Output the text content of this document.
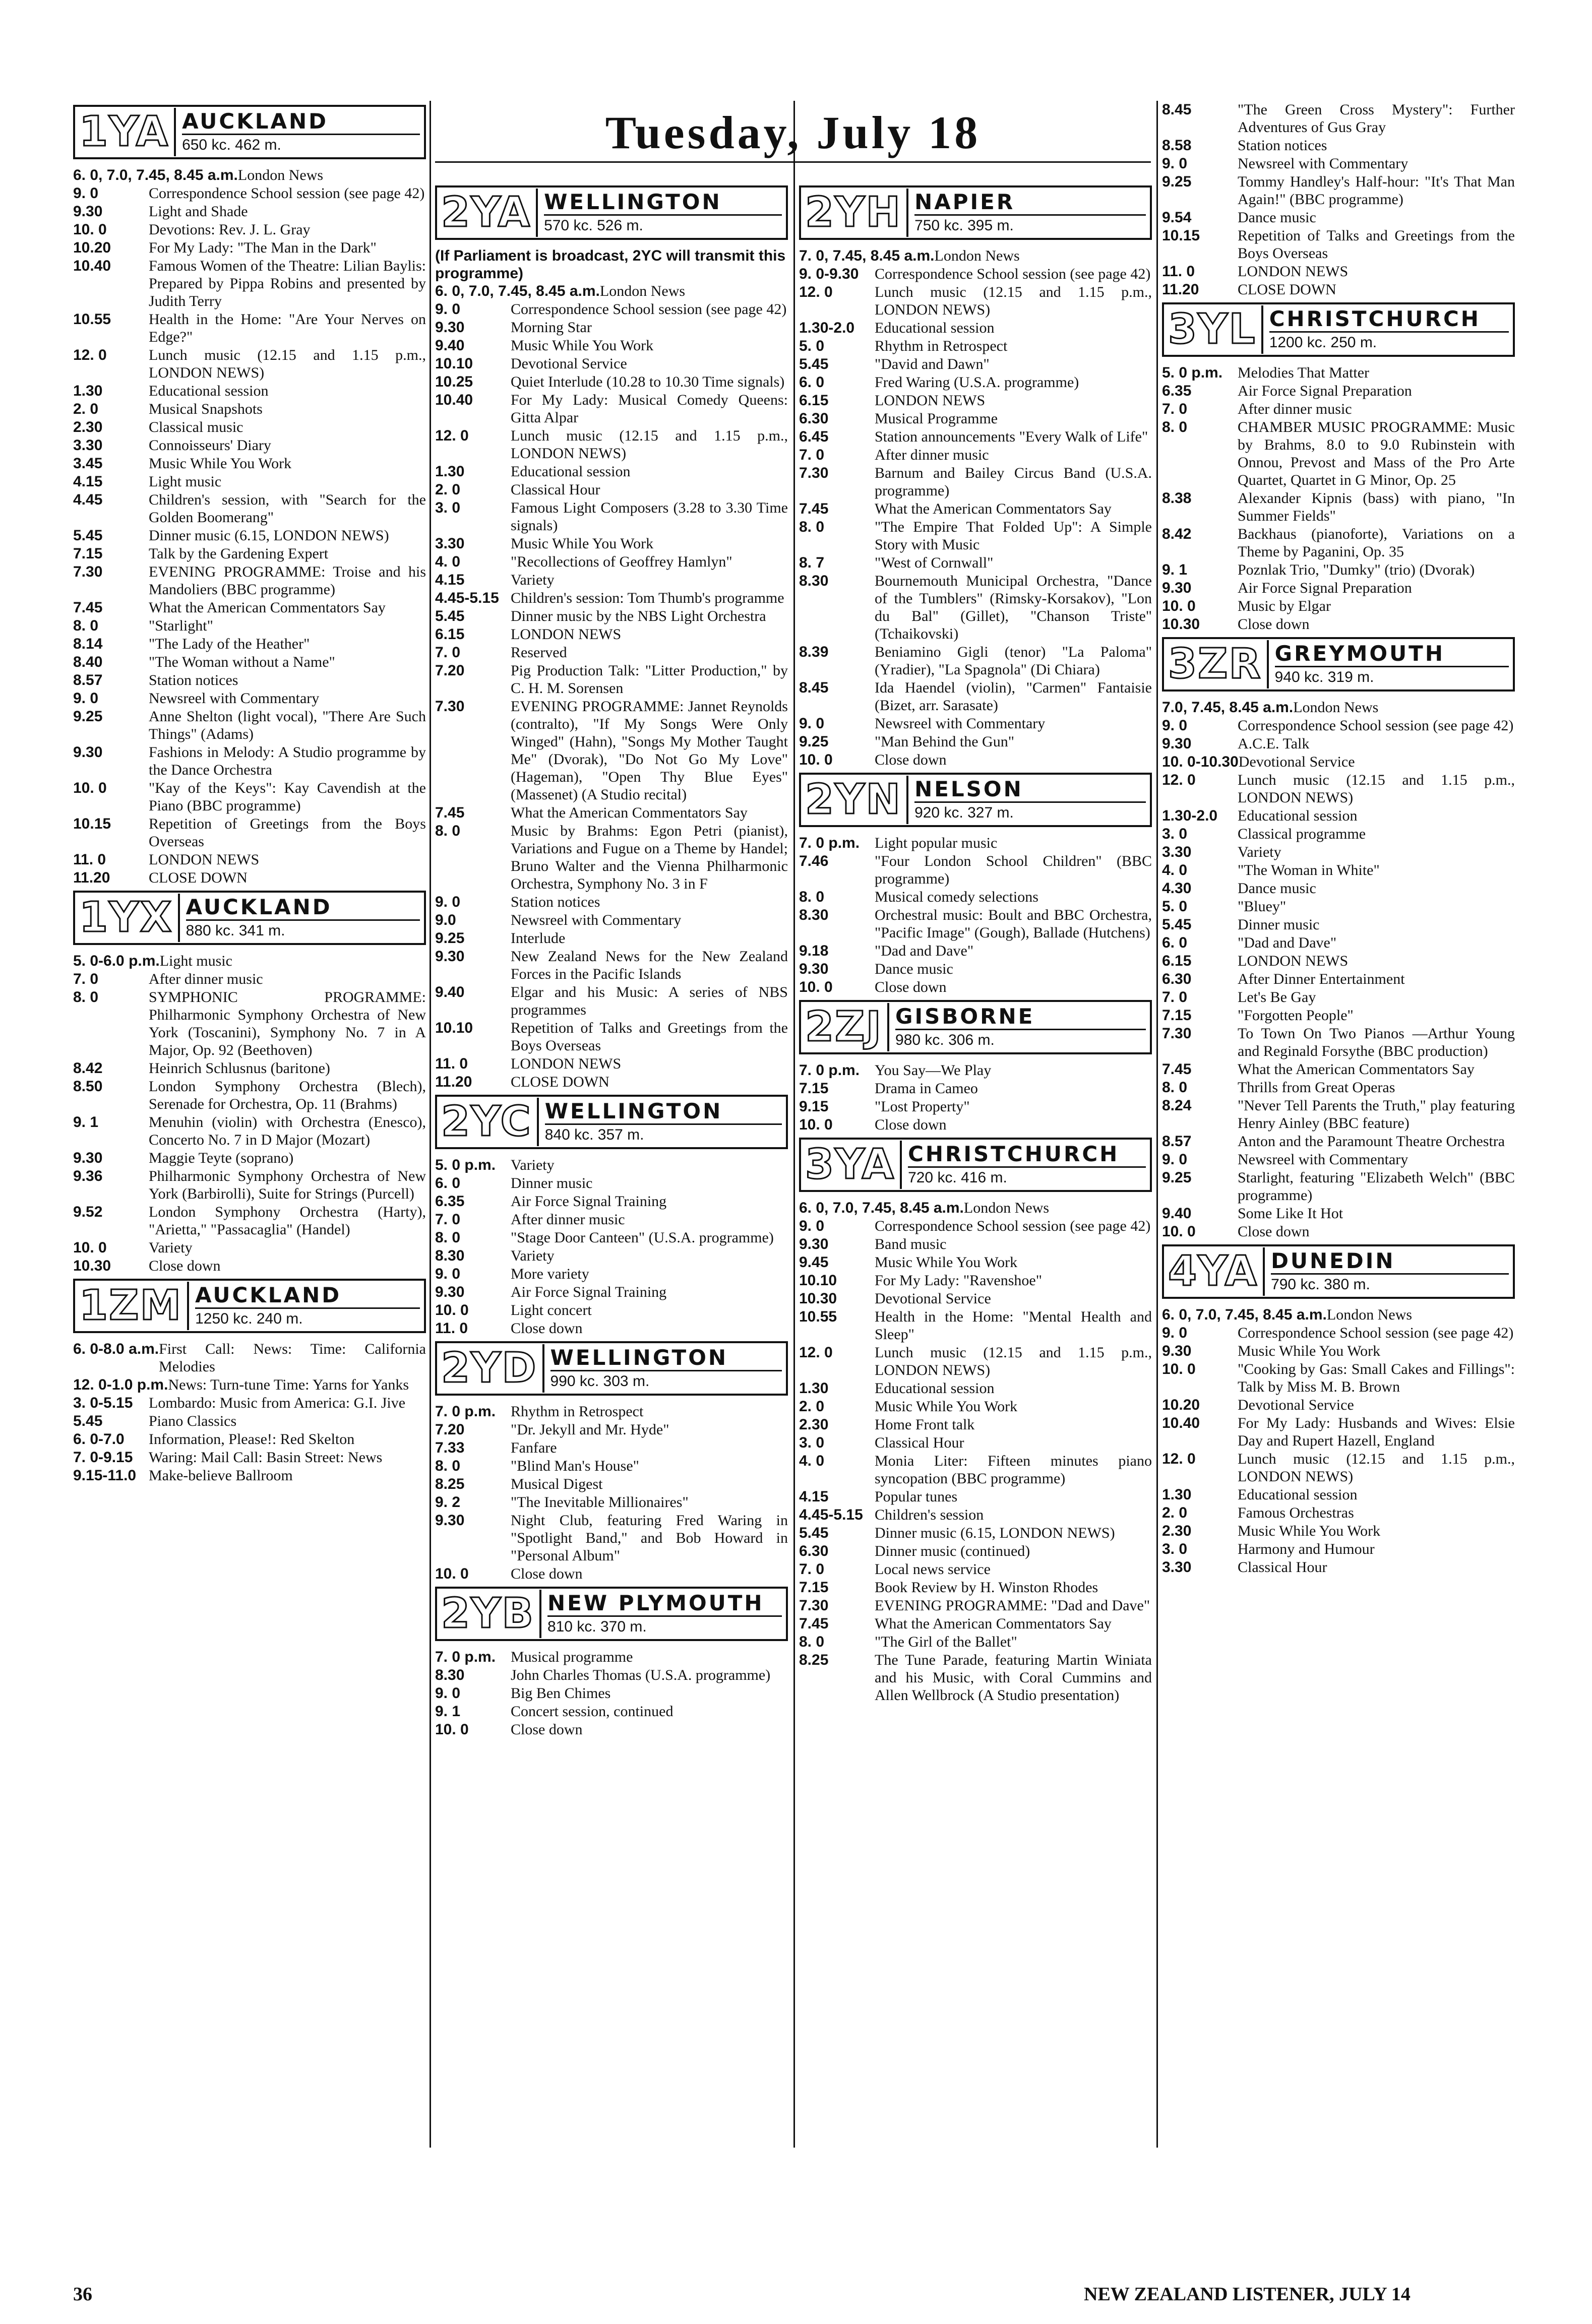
Tuesday, July 18
1YA AUCKLAND
650 kc. 462 m.
6. 0, 7.0, 7.45, 8.45 a.m. London News
9. 0	Correspondence School session (see page 42)
9.30	Light and Shade
10. 0	Devotions: Rev. J. L. Gray
10.20	For My Lady: "The Man in the Dark"
10.40	Famous Women of the Theatre: Lilian Baylis: Prepared by Pippa Robins and presented by Judith Terry
10.55	Health in the Home: "Are Your Nerves on Edge?"
12. 0	Lunch music (12.15 and 1.15 p.m., LONDON NEWS)
1.30	Educational session
2. 0	Musical Snapshots
2.30	Classical music
3.30	Connoisseurs' Diary
3.45	Music While You Work
4.15	Light music
4.45	Children's session, with "Search for the Golden Boomerang"
5.45	Dinner music (6.15, LONDON NEWS)
7.15	Talk by the Gardening Expert
7.30	EVENING PROGRAMME: Troise and his Mandoliers (BBC programme)
7.45	What the American Commentators Say
8. 0	"Starlight"
8.14	"The Lady of the Heather"
8.40	"The Woman without a Name"
8.57	Station notices
9. 0	Newsreel with Commentary
9.25	Anne Shelton (light vocal), "There Are Such Things" (Adams)
9.30	Fashions in Melody: A Studio programme by the Dance Orchestra
10. 0	"Kay of the Keys": Kay Cavendish at the Piano (BBC programme)
10.15	Repetition of Greetings from the Boys Overseas
11. 0	LONDON NEWS
11.20	CLOSE DOWN
1YX AUCKLAND
880 kc. 341 m.
5. 0-6.0 p.m. Light music
7. 0	After dinner music
8. 0	SYMPHONIC PROGRAMME: Philharmonic Symphony Orchestra of New York (Toscanini), Symphony No. 7 in A Major, Op. 92 (Beethoven)
8.42	Heinrich Schlusnus (baritone)
8.50	London Symphony Orchestra (Blech), Serenade for Orchestra, Op. 11 (Brahms)
9. 1	Menuhin (violin) with Orchestra (Enesco), Concerto No. 7 in D Major (Mozart)
9.30	Maggie Teyte (soprano)
9.36	Philharmonic Symphony Orchestra of New York (Barbirolli), Suite for Strings (Purcell)
9.52	London Symphony Orchestra (Harty), "Arietta," "Passacaglia" (Handel)
10. 0	Variety
10.30	Close down
1ZM AUCKLAND
1250 kc. 240 m.
6. 0-8.0 a.m. First Call: News: Time: California Melodies
12. 0-1.0 p.m. News: Turn-tune Time: Yarns for Yanks
3. 0-5.15	Lombardo: Music from America: G.I. Jive
5.45	Piano Classics
6. 0-7.0	Information, Please!: Red Skelton
7. 0-9.15	Waring: Mail Call: Basin Street: News
9.15-11.0 Make-believe Ballroom
2YA WELLINGTON
570 kc. 526 m.
(If Parliament is broadcast, 2YC will transmit this programme)
6. 0, 7.0, 7.45, 8.45 a.m. London News
9. 0	Correspondence School session (see page 42)
9.30	Morning Star
9.40	Music While You Work
10.10	Devotional Service
10.25	Quiet Interlude (10.28 to 10.30 Time signals)
10.40	For My Lady: Musical Comedy Queens: Gitta Alpar
12. 0	Lunch music (12.15 and 1.15 p.m., LONDON NEWS)
1.30	Educational session
2. 0	Classical Hour
3. 0	Famous Light Composers (3.28 to 3.30 Time signals)
3.30	Music While You Work
4. 0	"Recollections of Geoffrey Hamlyn"
4.15	Variety
4.45-5.15 Children's session: Tom Thumb's programme
5.45	Dinner music by the NBS Light Orchestra
6.15	LONDON NEWS
7. 0	Reserved
7.20	Pig Production Talk: "Litter Production," by C. H. M. Sorensen
7.30	EVENING PROGRAMME: Jannet Reynolds (contralto), "If My Songs Were Only Winged" (Hahn), "Songs My Mother Taught Me" (Dvorak), "Do Not Go My Love" (Hageman), "Open Thy Blue Eyes" (Massenet) (A Studio recital)
7.45	What the American Commentators Say
8. 0	Music by Brahms: Egon Petri (pianist), Variations and Fugue on a Theme by Handel; Bruno Walter and the Vienna Philharmonic Orchestra, Symphony No. 3 in F
9. 0	Station notices
9.0	Newsreel with Commentary
9.25	Interlude
9.30	New Zealand News for the New Zealand Forces in the Pacific Islands
9.40	Elgar and his Music: A series of NBS programmes
10.10	Repetition of Talks and Greetings from the Boys Overseas
11. 0	LONDON NEWS
11.20	CLOSE DOWN
2YC WELLINGTON
840 kc. 357 m.
5. 0 p.m. Variety
6. 0	Dinner music
6.35	Air Force Signal Training
7. 0	After dinner music
8. 0	"Stage Door Canteen" (U.S.A. programme)
8.30	Variety
9. 0	More variety
9.30	Air Force Signal Training
10. 0	Light concert
11. 0	Close down
2YD WELLINGTON
990 kc. 303 m.
7. 0 p.m. Rhythm in Retrospect
7.20	"Dr. Jekyll and Mr. Hyde"
7.33	Fanfare
8. 0	"Blind Man's House"
8.25	Musical Digest
9. 2	"The Inevitable Millionaires"
9.30	Night Club, featuring Fred Waring in "Spotlight Band," and Bob Howard in "Personal Album"
10. 0	Close down
2YB NEW PLYMOUTH
810 kc. 370 m.
7. 0 p.m. Musical programme
8.30	John Charles Thomas (U.S.A. programme)
9. 0	Big Ben Chimes
9. 1	Concert session, continued
10. 0	Close down
2YH NAPIER
750 kc. 395 m.
7. 0, 7.45, 8.45 a.m. London News
9. 0-9.30	Correspondence School session (see page 42)
12. 0	Lunch music (12.15 and 1.15 p.m., LONDON NEWS)
1.30-2.0	Educational session
5. 0	Rhythm in Retrospect
5.45	"David and Dawn"
6. 0	Fred Waring (U.S.A. programme)
6.15	LONDON NEWS
6.30	Musical Programme
6.45	Station announcements "Every Walk of Life"
7. 0	After dinner music
7.30	Barnum and Bailey Circus Band (U.S.A. programme)
7.45	What the American Commentators Say
8. 0	"The Empire That Folded Up": A Simple Story with Music
8. 7	"West of Cornwall"
8.30	Bournemouth Municipal Orchestra, "Dance of the Tumblers" (Rimsky-Korsakov), "Lon du Bal" (Gillet), "Chanson Triste" (Tchaikovski)
8.39	Beniamino Gigli (tenor) "La Paloma" (Yradier), "La Spagnola" (Di Chiara)
8.45	Ida Haendel (violin), "Carmen" Fantaisie (Bizet, arr. Sarasate)
9. 0	Newsreel with Commentary
9.25	"Man Behind the Gun"
10. 0	Close down
2YN NELSON
920 kc. 327 m.
7. 0 p.m. Light popular music
7.46	"Four London School Children" (BBC programme)
8. 0	Musical comedy selections
8.30	Orchestral music: Boult and BBC Orchestra, "Pacific Image" (Gough), Ballade (Hutchens)
9.18	"Dad and Dave"
9.30	Dance music
10. 0	Close down
2ZJ GISBORNE
980 kc. 306 m.
7. 0 p.m. You Say—We Play
7.15	Drama in Cameo
9.15	"Lost Property"
10. 0	Close down
3YA CHRISTCHURCH
720 kc. 416 m.
6. 0, 7.0, 7.45, 8.45 a.m. London News
9. 0	Correspondence School session (see page 42)
9.30	Band music
9.45	Music While You Work
10.10	For My Lady: "Ravenshoe"
10.30	Devotional Service
10.55	Health in the Home: "Mental Health and Sleep"
12. 0	Lunch music (12.15 and 1.15 p.m., LONDON NEWS)
1.30	Educational session
2. 0	Music While You Work
2.30	Home Front talk
3. 0	Classical Hour
4. 0	Monia Liter: Fifteen minutes piano syncopation (BBC programme)
4.15	Popular tunes
4.45-5.15 Children's session
5.45	Dinner music (6.15, LONDON NEWS)
6.30	Dinner music (continued)
7. 0	Local news service
7.15	Book Review by H. Winston Rhodes
7.30	EVENING PROGRAMME: "Dad and Dave"
7.45	What the American Commentators Say
8. 0	"The Girl of the Ballet"
8.25	The Tune Parade, featuring Martin Winiata and his Music, with Coral Cummins and Allen Wellbrock (A Studio presentation)
8.45	"The Green Cross Mystery": Further Adventures of Gus Gray
8.58	Station notices
9. 0	Newsreel with Commentary
9.25	Tommy Handley's Half-hour: "It's That Man Again!" (BBC programme)
9.54	Dance music
10.15	Repetition of Talks and Greetings from the Boys Overseas
11. 0	LONDON NEWS
11.20	CLOSE DOWN
3YL CHRISTCHURCH
1200 kc. 250 m.
5. 0 p.m. Melodies That Matter
6.35	Air Force Signal Preparation
7. 0	After dinner music
8. 0	CHAMBER MUSIC PROGRAMME: Music by Brahms, 8.0 to 9.0 Rubinstein with Onnou, Prevost and Mass of the Pro Arte Quartet, Quartet in G Minor, Op. 25
8.38	Alexander Kipnis (bass) with piano, "In Summer Fields"
8.42	Backhaus (pianoforte), Variations on a Theme by Paganini, Op. 35
9. 1	Poznlak Trio, "Dumky" (trio) (Dvorak)
9.30	Air Force Signal Preparation
10. 0	Music by Elgar
10.30	Close down
3ZR GREYMOUTH
940 kc. 319 m.
7.0, 7.45, 8.45 a.m. London News
9. 0	Correspondence School session (see page 42)
9.30	A.C.E. Talk
10. 0-10.30 Devotional Service
12. 0	Lunch music (12.15 and 1.15 p.m., LONDON NEWS)
1.30-2.0	Educational session
3. 0	Classical programme
3.30	Variety
4. 0	"The Woman in White"
4.30	Dance music
5. 0	"Bluey"
5.45	Dinner music
6. 0	"Dad and Dave"
6.15	LONDON NEWS
6.30	After Dinner Entertainment
7. 0	Let's Be Gay
7.15	"Forgotten People"
7.30	To Town On Two Pianos —Arthur Young and Reginald Forsythe (BBC production)
7.45	What the American Commentators Say
8. 0	Thrills from Great Operas
8.24	"Never Tell Parents the Truth," play featuring Henry Ainley (BBC feature)
8.57	Anton and the Paramount Theatre Orchestra
9. 0	Newsreel with Commentary
9.25	Starlight, featuring "Elizabeth Welch" (BBC programme)
9.40	Some Like It Hot
10. 0	Close down
4YA DUNEDIN
790 kc. 380 m.
6. 0, 7.0, 7.45, 8.45 a.m. London News
9. 0	Correspondence School session (see page 42)
9.30	Music While You Work
10. 0	"Cooking by Gas: Small Cakes and Fillings": Talk by Miss M. B. Brown
10.20	Devotional Service
10.40	For My Lady: Husbands and Wives: Elsie Day and Rupert Hazell, England
12. 0	Lunch music (12.15 and 1.15 p.m., LONDON NEWS)
1.30	Educational session
2. 0	Famous Orchestras
2.30	Music While You Work
3. 0	Harmony and Humour
3.30	Classical Hour
36	NEW ZEALAND LISTENER, JULY 14
